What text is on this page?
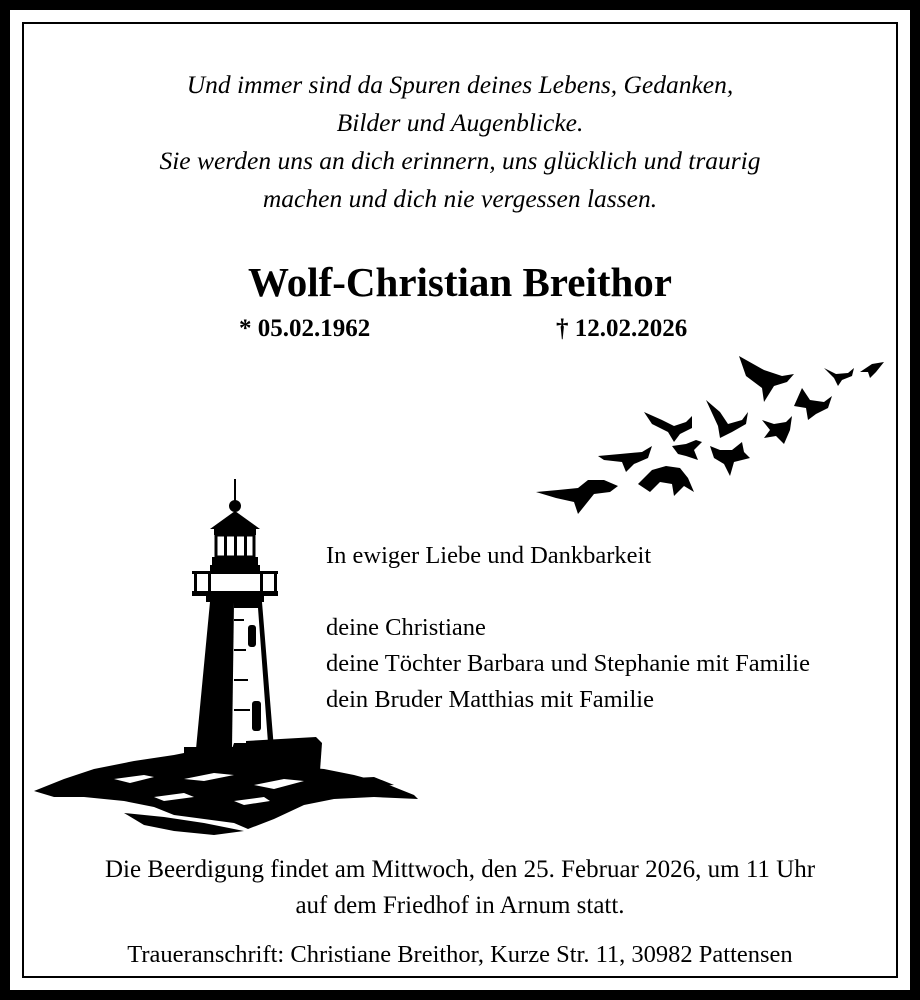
Und immer sind da Spuren deines Lebens, Gedanken,
Bilder und Augenblicke.
Sie werden uns an dich erinnern, uns glücklich und traurig
machen und dich nie vergessen lassen.
Wolf-Christian Breithor
* 05.02.1962	† 12.02.2026
In ewiger Liebe und Dankbarkeit
deine Christiane
deine Töchter Barbara und Stephanie mit Familie
dein Bruder Matthias mit Familie
Die Beerdigung findet am Mittwoch, den 25. Februar 2026, um 11 Uhr
auf dem Friedhof in Arnum statt.
Traueranschrift: Christiane Breithor, Kurze Str. 11, 30982 Pattensen
